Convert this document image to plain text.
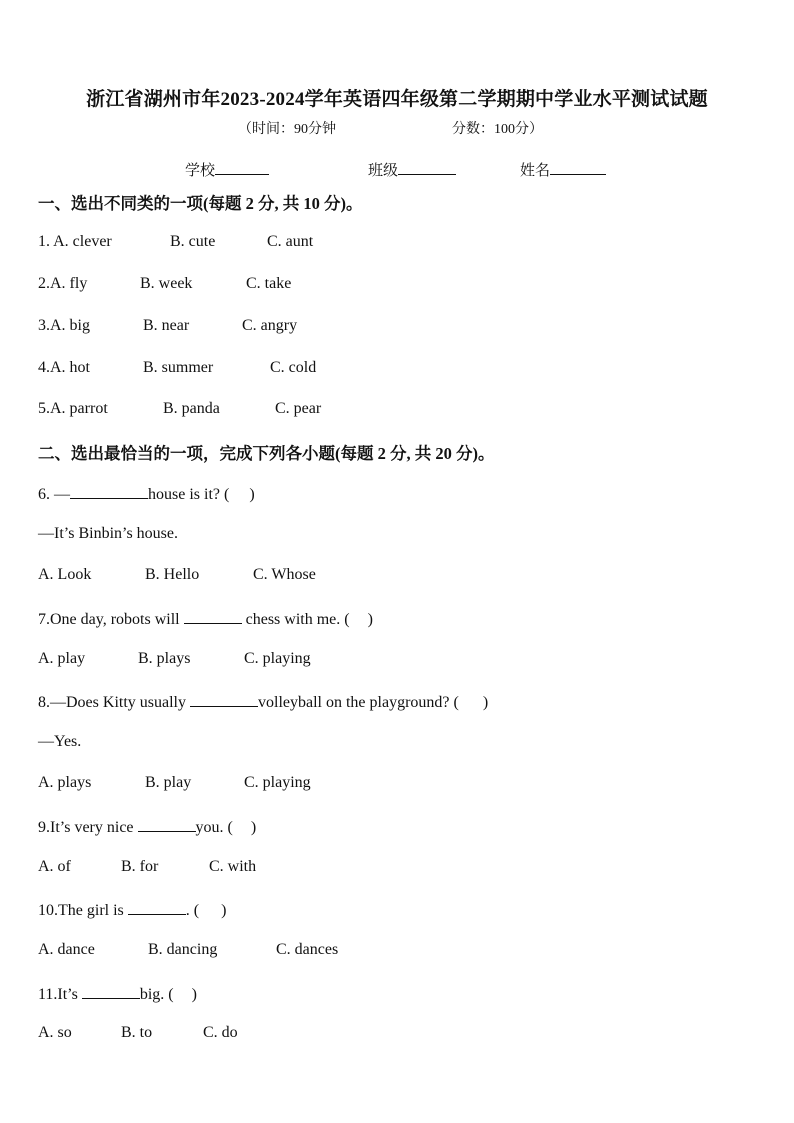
浙江省湖州市年2023-2024学年英语四年级第二学期期中学业水平测试试题
（时间：90分钟	分数：100分）
学校	班级	姓名
一、选出不同类的一项(每题 2 分, 共 10 分)。
1. A. clever	B. cute	C. aunt
2.A. fly	B. week	C. take
3.A. big	B. near	C. angry
4.A. hot	B. summer	C. cold
5.A. parrot	B. panda	C. pear
二、选出最恰当的一项，完成下列各小题(每题 2 分, 共 20 分)。
6. —	house is it? ( )
—It’s Binbin’s house.
A. Look	B. Hello	C. Whose
7.One day, robots will	chess with me. ( )
A. play	B. plays	C. playing
8.—Does Kitty usually	volleyball on the playground? ( )
—Yes.
A. plays	B. play	C. playing
9.It’s very nice	you. ( )
A. of	B. for	C. with
10.The girl is	. ( )
A. dance	B. dancing	C. dances
11.It’s	big. ( )
A. so	B. to	C. do
